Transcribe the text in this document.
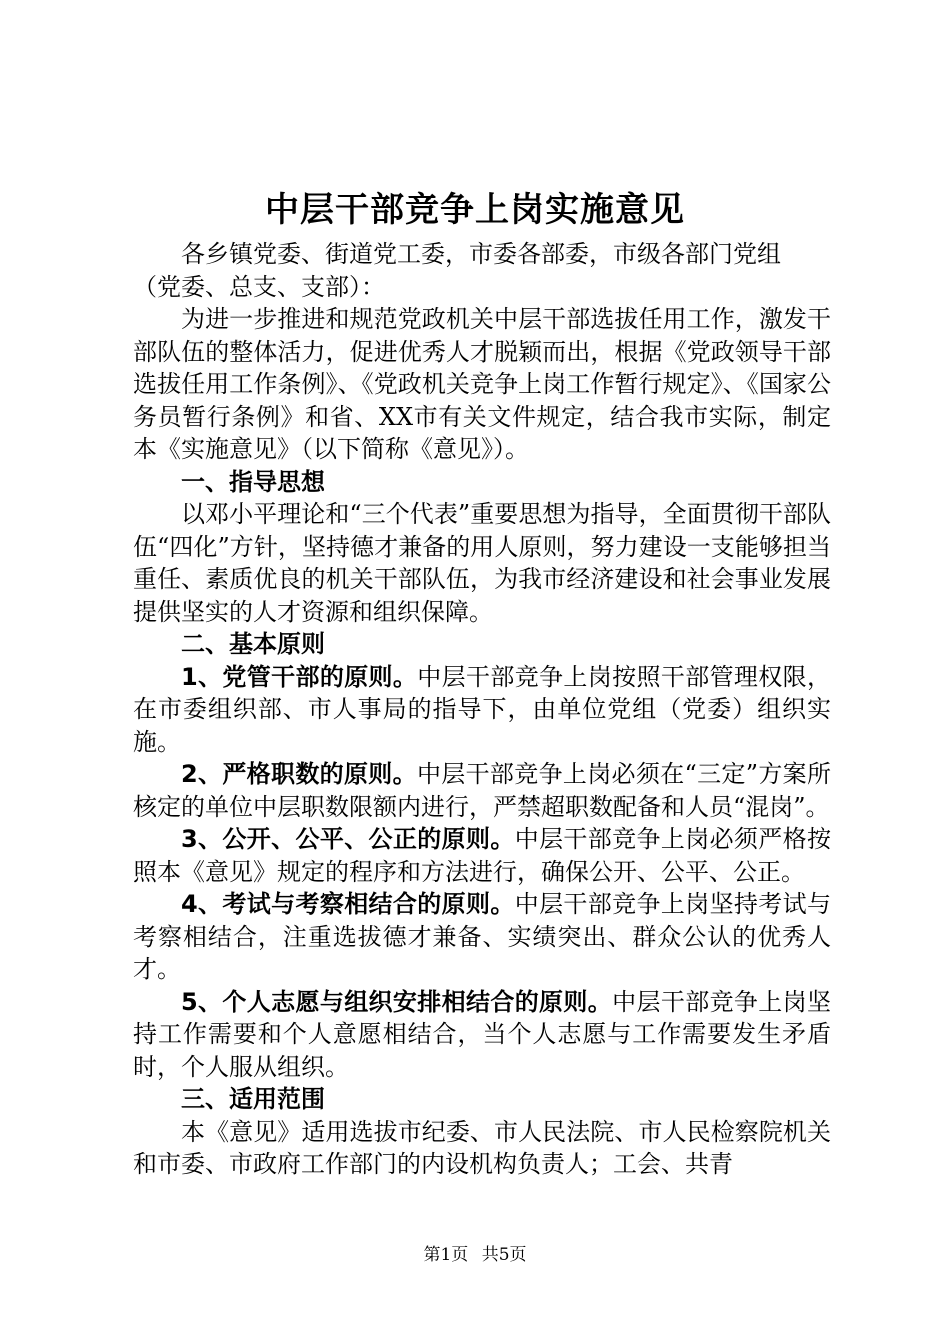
中层干部竞争上岗实施意见

各乡镇党委、街道党工委，市委各部委，市级各部门党组

（党委、总支、支部）：

为进一步推进和规范党政机关中层干部选拔任用工作，激发干部队伍的整体活力，促进优秀人才脱颖而出，根据《党政领导干部选拔任用工作条例》、《党政机关竞争上岗工作暂行规定》、《国家公务员暂行条例》和省、XX市有关文件规定，结合我市实际，制定本《实施意见》（以下简称《意见》）。

一、指导思想

以邓小平理论和“三个代表”重要思想为指导，全面贯彻干部队伍“四化”方针，坚持德才兼备的用人原则，努力建设一支能够担当重任、素质优良的机关干部队伍，为我市经济建设和社会事业发展提供坚实的人才资源和组织保障。

二、基本原则

1、党管干部的原则。中层干部竞争上岗按照干部管理权限，在市委组织部、市人事局的指导下，由单位党组（党委）组织实施。

2、严格职数的原则。中层干部竞争上岗必须在“三定”方案所核定的单位中层职数限额内进行，严禁超职数配备和人员“混岗”。

3、公开、公平、公正的原则。中层干部竞争上岗必须严格按照本《意见》规定的程序和方法进行，确保公开、公平、公正。

4、考试与考察相结合的原则。中层干部竞争上岗坚持考试与考察相结合，注重选拔德才兼备、实绩突出、群众公认的优秀人才。

5、个人志愿与组织安排相结合的原则。中层干部竞争上岗坚持工作需要和个人意愿相结合，当个人志愿与工作需要发生矛盾时，个人服从组织。

三、适用范围

本《意见》适用选拔市纪委、市人民法院、市人民检察院机关和市委、市政府工作部门的内设机构负责人；工会、共青

第1页 共5页
